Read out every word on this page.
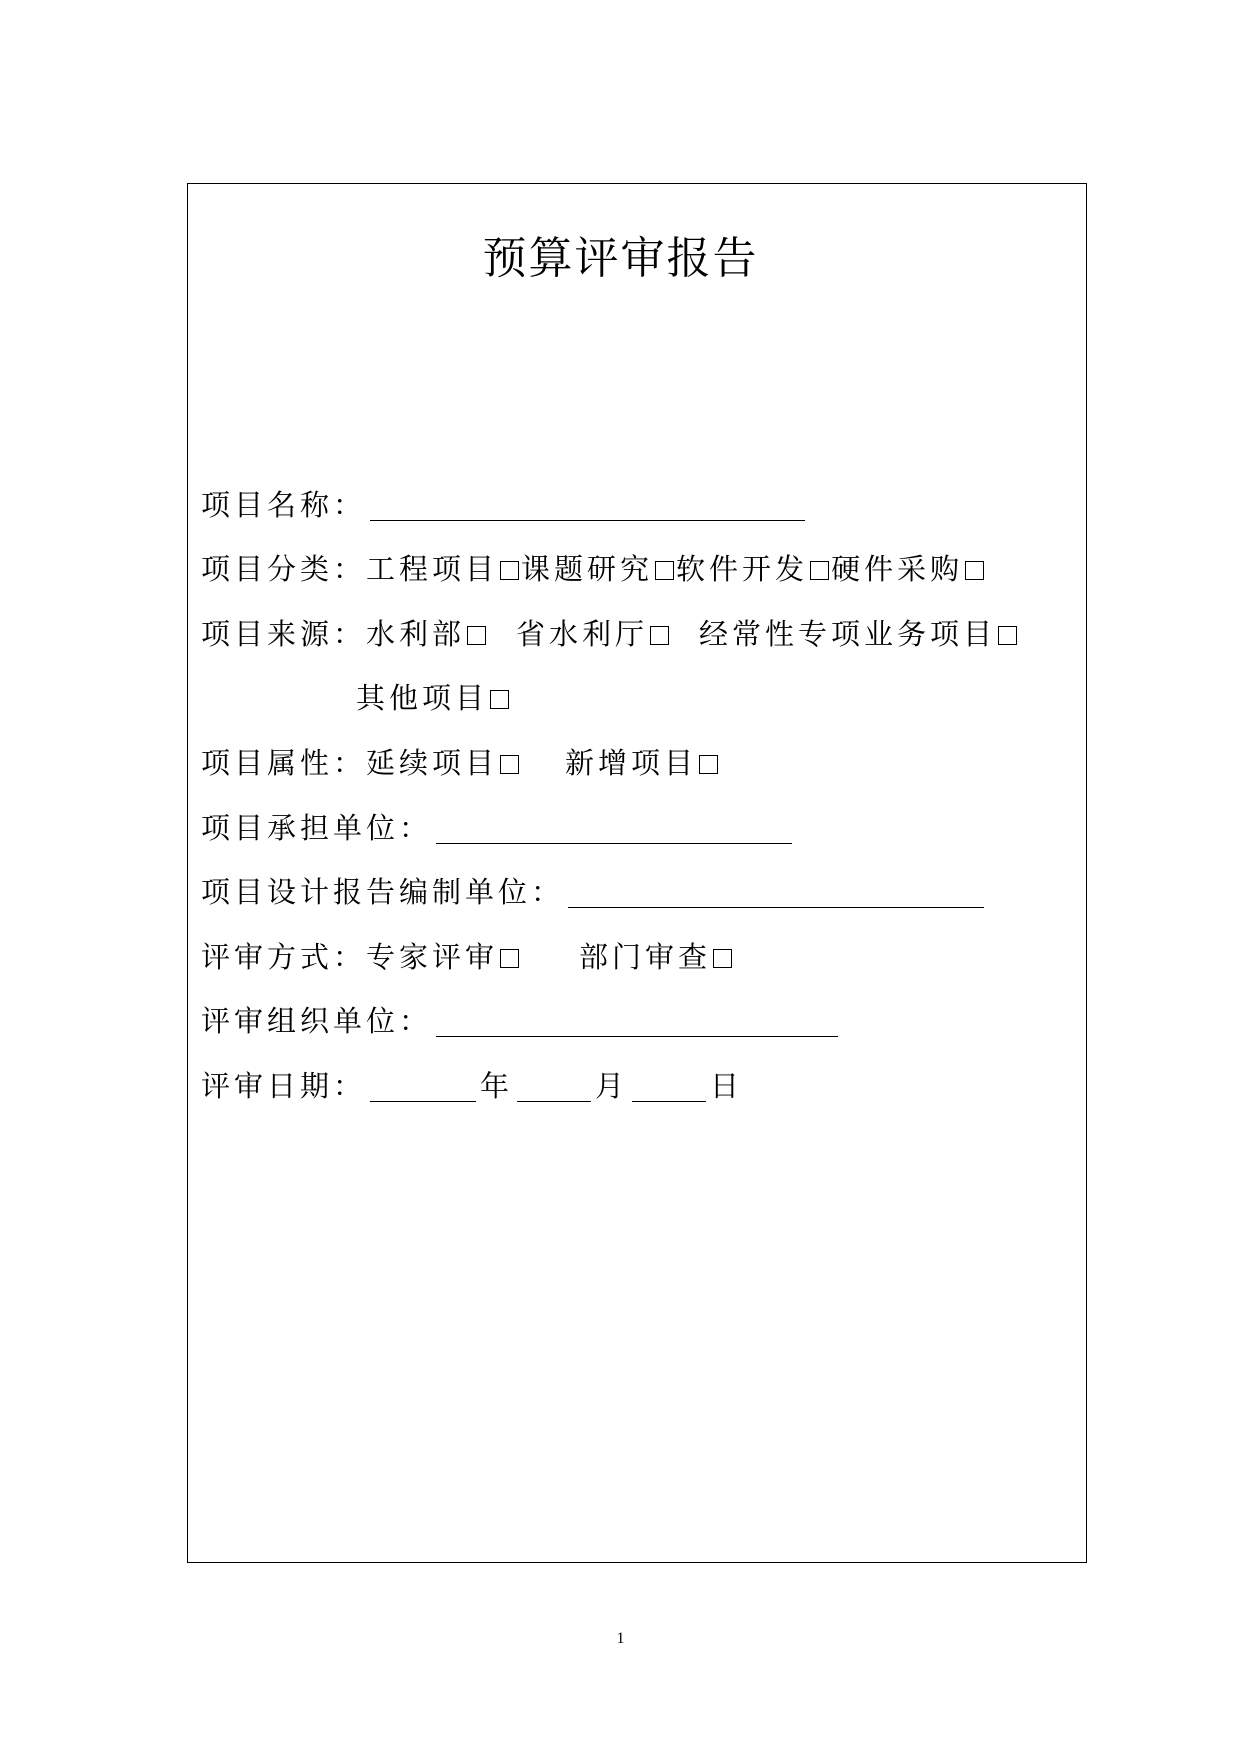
预算评审报告
项目名称：
项目分类： 工程项目 课题研究 软件开发 硬件采购
项目来源： 水利部 省水利厅 经常性专项业务项目
其他项目
项目属性： 延续项目 新增项目
项目承担单位：
项目设计报告编制单位：
评审方式： 专家评审	部门审查
评审组织单位：
评审日期：	年	月	日
1
